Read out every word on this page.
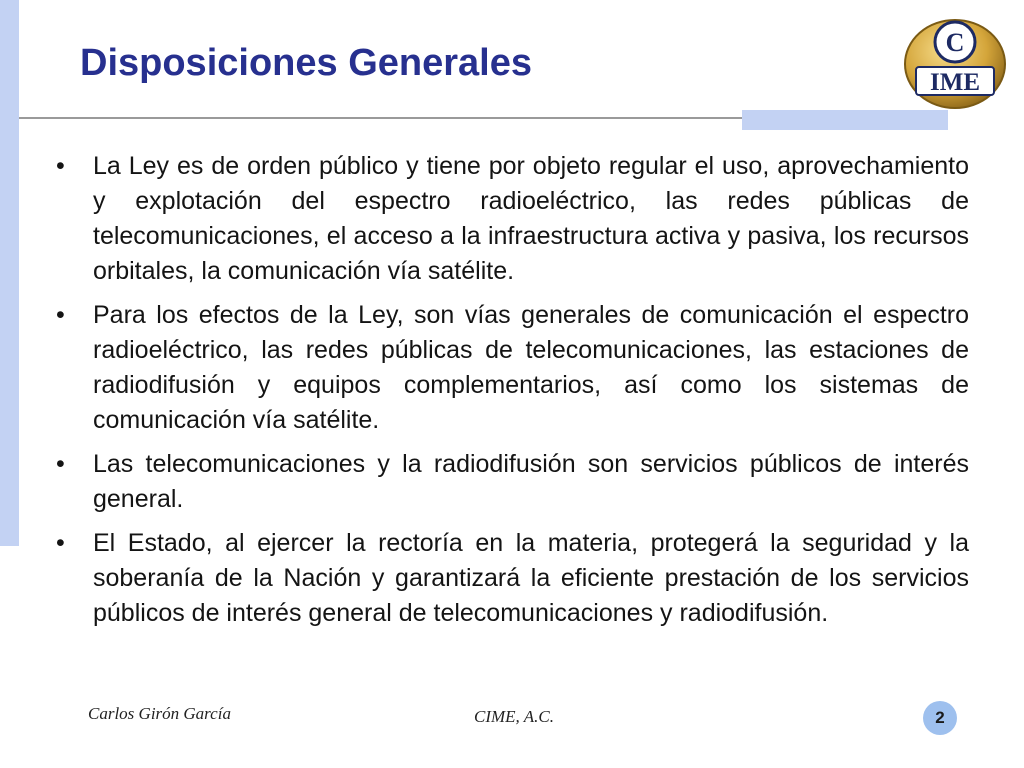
Disposiciones Generales	C
IME
•	La Ley es de orden público y tiene por objeto regular el uso, aprovechamiento y explotación del espectro radioeléctrico, las redes públicas de telecomunicaciones, el acceso a la infraestructura activa y pasiva, los recursos orbitales, la comunicación vía satélite.
•	Para los efectos de la Ley, son vías generales de comunicación el espectro radioeléctrico, las redes públicas de telecomunicaciones, las estaciones de radiodifusión y equipos complementarios, así como los sistemas de comunicación vía satélite.
•	Las telecomunicaciones y la radiodifusión son servicios públicos de interés general.
•	El Estado, al ejercer la rectoría en la materia, protegerá la seguridad y la soberanía de la Nación y garantizará la eficiente prestación de los servicios públicos de interés general de telecomunicaciones y radiodifusión.
Carlos Girón García	CIME, A.C.	2
